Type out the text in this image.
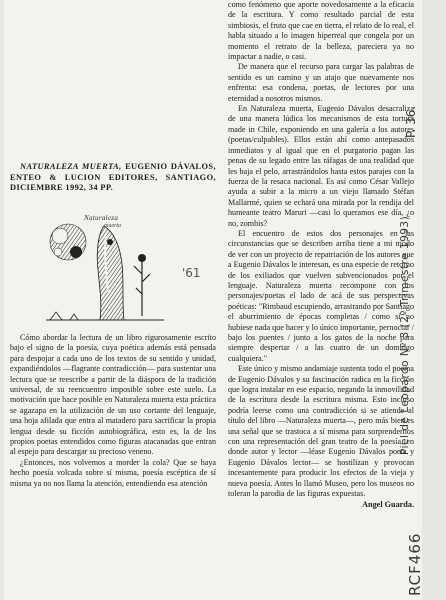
como fenómeno que aporte novedosamente a la eficacia de la escritura. Y como resultado parcial de esta simbiosis, el fruto que cae en tierra, el relato de lo real, el habla situado a lo imagen hiperreal que congela por un momento el retrato de la belleza, pareciera ya no impactar a nadie, o casi.

De manera que el recurso para cargar las palabras de sentido es un camino y un atajo que nuevamente nos enfrenta: esa condena, poetas, de lectores por una eternidad a nosotros mismos.

En Naturaleza muerta, Eugenio Dávalos desacraliza de una manera lúdica los mecanismos de esta tortura made in Chile, exponiendo en una galería a los autores (poetas/culpables). Ellos están ahí como antepasados inmediatos y al igual que en el purgatorio pagan las penas de su legado entre las ráfagas de una realidad que les baja el pelo, arrastrándolos hasta estos parajes con la fuerza de la resaca nacional. Es así como César Vallejo ayuda a subir a la micro a un viejo llamado Stéfan Mallarmé, quien se echará una mirada por la rendija del humeante teatro Maruri —casi lo queramos ese día, ¿o no, zombis?

El encuentro de estos dos personajes en las circunstancias que se describen arriba tiene a mi modo de ver con un proyecto de repatriación de los autores que a Eugenio Dávalos le interesan, es una especie de retorno de los exiliados que vuelven subvencionados por el lenguaje. Naturaleza muerta recompone con los personajes/poetas el lado de acá de sus perspectivas poéticas: "Rimbaud escupiendo, arrastrando por Santiago el aburrimiento de épocas completas / como si no hubiese nada que hacer y lo único importante, pernoctar / bajo los puentes / junto a los gatos de la noche para siempre despertar / a las cuatro de un domingo cualquiera."

Este único y mismo andamiaje sustenta todo el poema de Eugenio Dávalos y su fascinación radica en la ficción que logra instalar en ese espacio, negando la inmovilidad de la escritura desde la escritura misma. Esto incluso podría leerse como una contradicción si se atiende al título del libro —Naturaleza muerta—, pero más bien es una señal que se trastoca a sí misma para sorprendernos con una representación del gran teatro de la poesía, en donde autor y lector —léase Eugenio Dávalos poeta y Eugenio Dávalos lector— se hostilizan y provocan incesantemente para producir los efectos de la vieja y nueva poesía. Antes lo llamó Museo, pero los museos no toleran la parodia de las figuras expuestas.

Angel Guarda.

NATURALEZA MUERTA, EUGENIO DÁVALOS, ENTEO & LUCION EDITORES, SANTIAGO, DICIEMBRE 1992, 34 PP.

Naturaleza
muerta
'61

Cómo abordar la lectura de un libro rigurosamente escrito bajo el signo de la poesía, cuya poética además está pensada para despojar a cada uno de los textos de su sentido y unidad, expandiéndolos —flagrante contradicción— para sustentar una lectura que se reescribe a partir de la diáspora de la tradición universal, de su reencuentro imposible sobre este suelo. La motivación que hace posible en Naturaleza muerta esta práctica se agazapa en la utilización de un uso cortante del lenguaje, una hoja afilada que entra al matadero para sacrificar la propia lengua desde su ficción autobiográfica, esto es, la de los propios poetas entendidos como figuras atacanadas que entran al espejo para descargar su precioso veneno.

¿Entonces, nos volvemos a morder la cola? Que se haya hecho poesía volcada sobre sí misma, poesía escéptica de sí misma ya no nos llama la atención, entendiendo esa atención

P. 36.
Piel de Leopardo Nº 3 (2º Trimestre 1993)
RCF466
